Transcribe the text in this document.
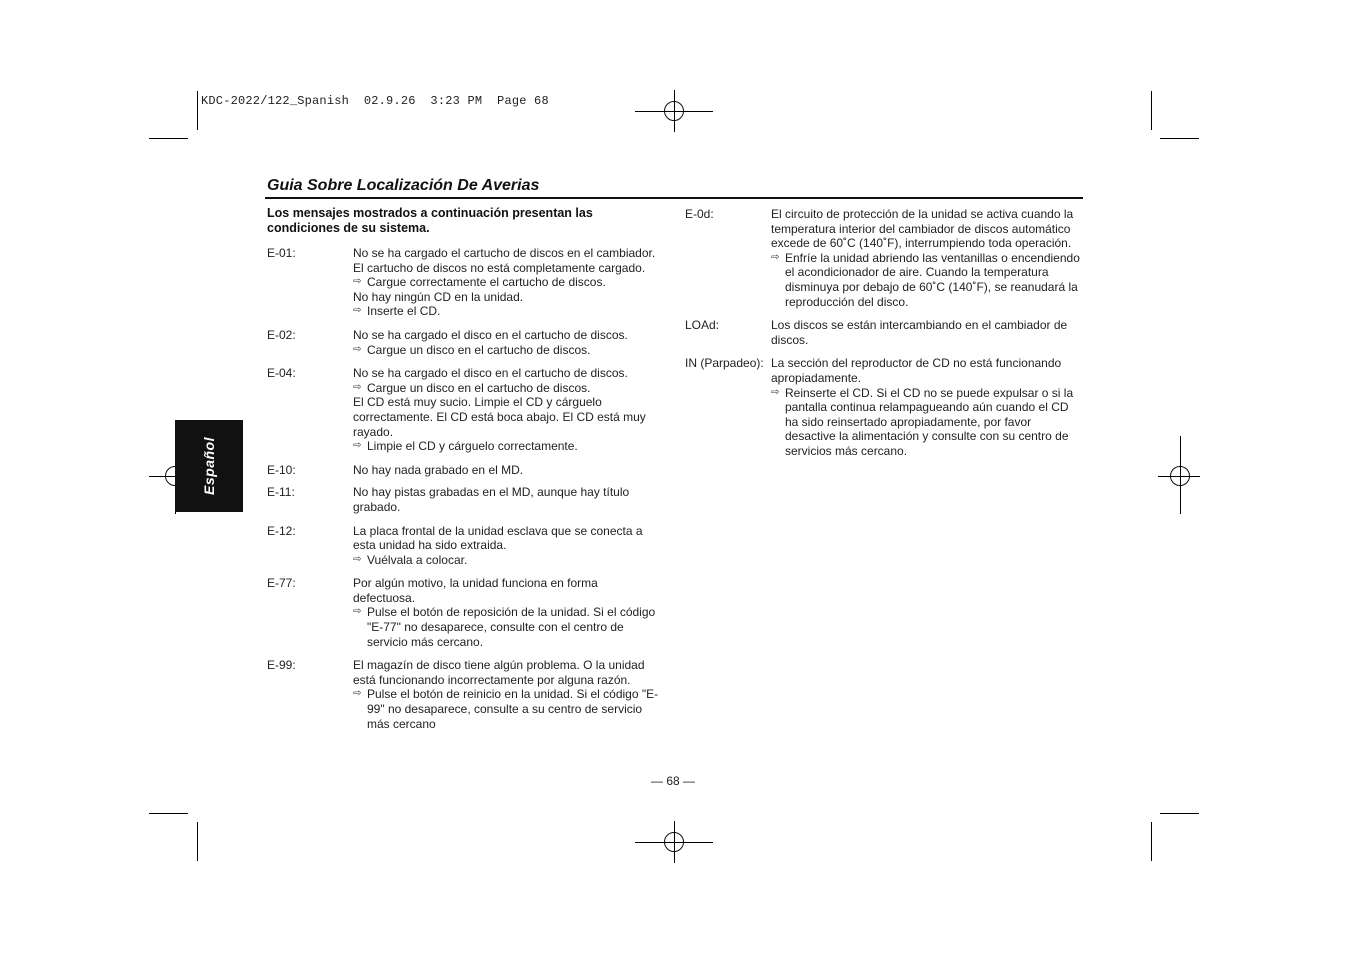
KDC-2022/122_Spanish  02.9.26  3:23 PM  Page 68
Guia Sobre Localización De Averias
Los mensajes mostrados a continuación presentan las condiciones de su sistema.
E-01:	No se ha cargado el cartucho de discos en el cambiador. El cartucho de discos no está completamente cargado.
⇨ Cargue correctamente el cartucho de discos.
No hay ningún CD en la unidad.
⇨ Inserte el CD.
E-02:	No se ha cargado el disco en el cartucho de discos.
⇨ Cargue un disco en el cartucho de discos.
E-04:	No se ha cargado el disco en el cartucho de discos.
⇨ Cargue un disco en el cartucho de discos.
El CD está muy sucio. Limpie el CD y cárguelo correctamente. El CD está boca abajo. El CD está muy rayado.
⇨ Limpie el CD y cárguelo correctamente.
E-10:	No hay nada grabado en el MD.
E-11:	No hay pistas grabadas en el MD, aunque hay título grabado.
E-12:	La placa frontal de la unidad esclava que se conecta a esta unidad ha sido extraida.
⇨ Vuélvala a colocar.
E-77:	Por algún motivo, la unidad funciona en forma defectuosa.
⇨ Pulse el botón de reposición de la unidad. Si el código "E-77" no desaparece, consulte con el centro de servicio más cercano.
E-99:	El magazín de disco tiene algún problema. O la unidad está funcionando incorrectamente por alguna razón.
⇨ Pulse el botón de reinicio en la unidad. Si el código "E-99" no desaparece, consulte a su centro de servicio más cercano
E-0d:	El circuito de protección de la unidad se activa cuando la temperatura interior del cambiador de discos automático excede de 60˚C (140˚F), interrumpiendo toda operación.
⇨ Enfríe la unidad abriendo las ventanillas o encendiendo el acondicionador de aire. Cuando la temperatura disminuya por debajo de 60˚C (140˚F), se reanudará la reproducción del disco.
LOAd:	Los discos se están intercambiando en el cambiador de discos.
IN (Parpadeo): La sección del reproductor de CD no está funcionando apropiadamente.
⇨ Reinserte el CD. Si el CD no se puede expulsar o si la pantalla continua relampagueando aún cuando el CD ha sido reinsertado apropiadamente, por favor desactive la alimentación y consulte con su centro de servicios más cercano.
Español
— 68 —
